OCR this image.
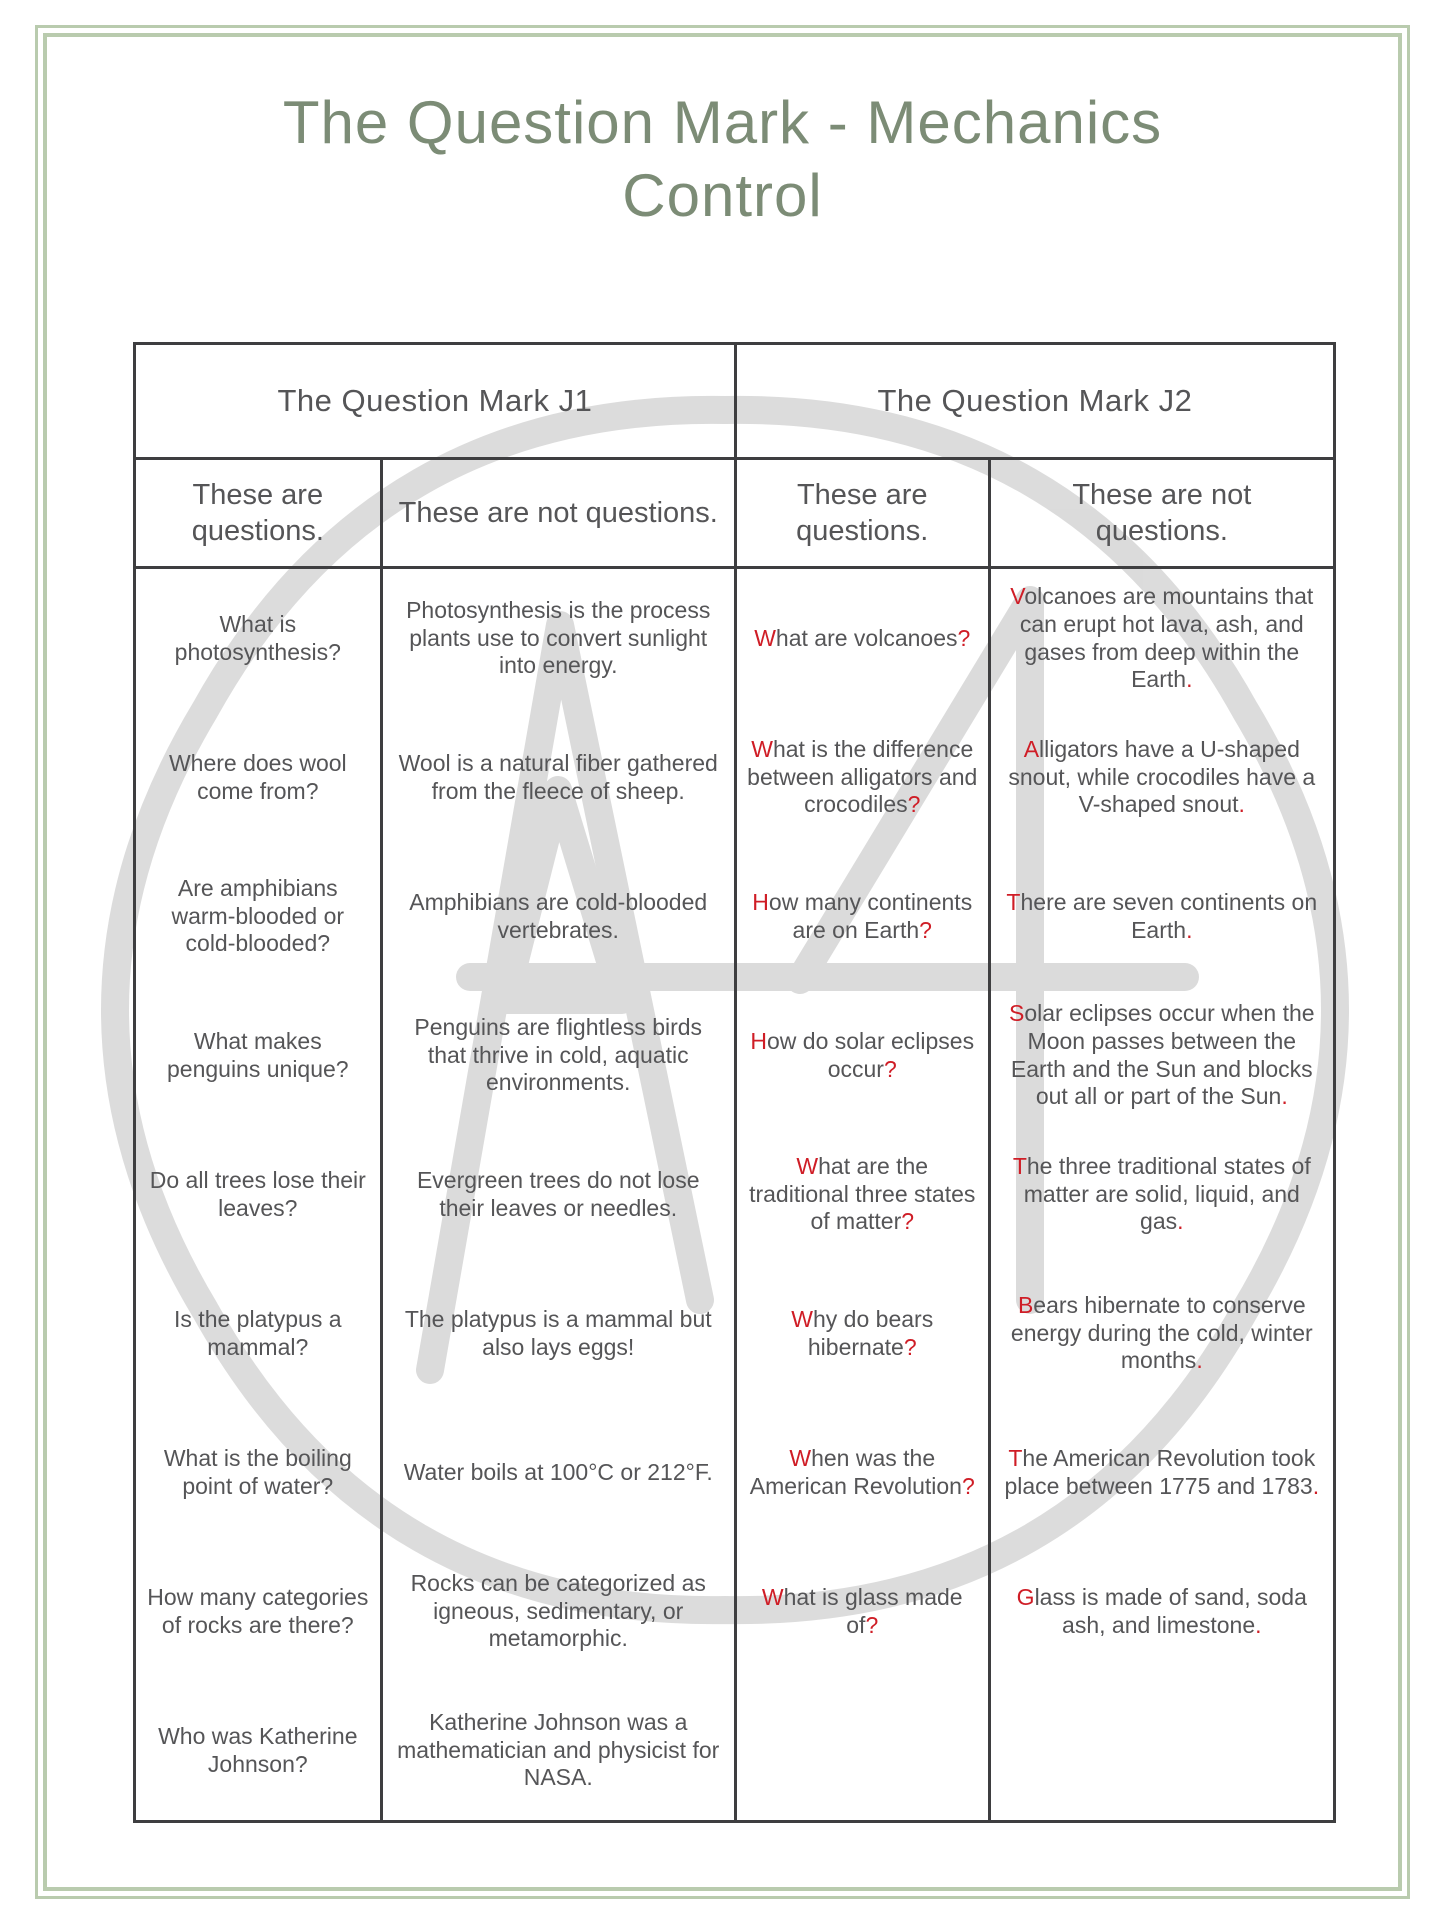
The Question Mark - Mechanics
Control
The Question Mark J1	The Question Mark J2
These are questions.
These are not questions.
These are questions.
These are not questions.
What is photosynthesis?
Photosynthesis is the process plants use to convert sunlight into energy.
What are volcanoes?
Volcanoes are mountains that can erupt hot lava, ash, and gases from deep within the Earth.
Where does wool come from?
Wool is a natural fiber gathered from the fleece of sheep.
What is the difference between alligators and crocodiles?
Alligators have a U-shaped snout, while crocodiles have a V-shaped snout.
Are amphibians warm-blooded or cold-blooded?
Amphibians are cold-blooded vertebrates.
How many continents are on Earth?
There are seven continents on Earth.
What makes penguins unique?
Penguins are flightless birds that thrive in cold, aquatic environments.
How do solar eclipses occur?
Solar eclipses occur when the Moon passes between the Earth and the Sun and blocks out all or part of the Sun.
Do all trees lose their leaves?
Evergreen trees do not lose their leaves or needles.
What are the traditional three states of matter?
The three traditional states of matter are solid, liquid, and gas.
Is the platypus a mammal?
The platypus is a mammal but also lays eggs!
Why do bears hibernate?
Bears hibernate to conserve energy during the cold, winter months.
What is the boiling point of water?
Water boils at 100°C or 212°F.
When was the American Revolution?
The American Revolution took place between 1775 and 1783.
How many categories of rocks are there?
Rocks can be categorized as igneous, sedimentary, or metamorphic.
What is glass made of?
Glass is made of sand, soda ash, and limestone.
Who was Katherine Johnson?
Katherine Johnson was a mathematician and physicist for NASA.
